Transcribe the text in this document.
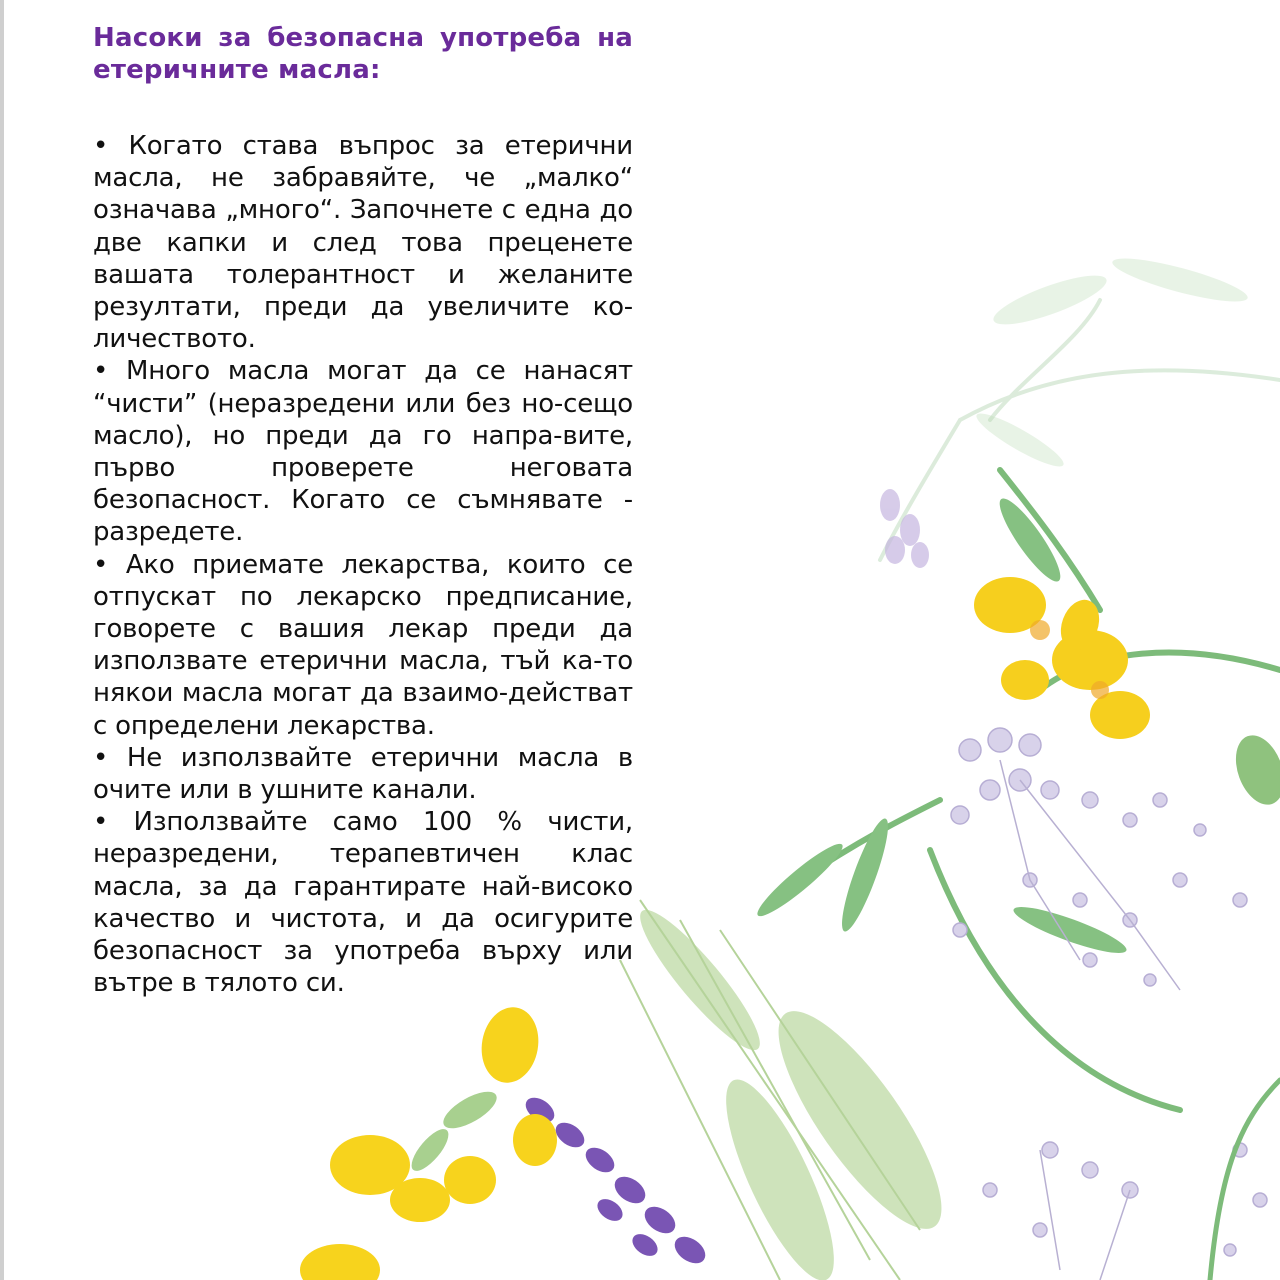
Насоки за безопасна употреба на етеричните масла:

• Когато става въпрос за етерични масла, не забравяйте, че „малко“ означава „много“. Започнете с една до две капки и след това преценете вашата толерантност и желаните резултати, преди да увеличите ко-личеството.

• Много масла могат да се нанасят “чисти” (неразредени или без но-сещо масло), но преди да го напра-вите, първо проверете неговата безопасност. Когато се съмнявате - разредете.

• Ако приемате лекарства, които се отпускат по лекарско предписание, говорете с вашия лекар преди да използвате етерични масла, тъй ка-то някои масла могат да взаимо-действат с определени лекарства.

• Не използвайте етерични масла в очите или в ушните канали.

• Използвайте само 100 % чисти, неразредени, терапевтичен клас масла, за да гарантирате най-високо качество и чистота, и да осигурите безопасност за употреба върху или вътре в тялото си.
